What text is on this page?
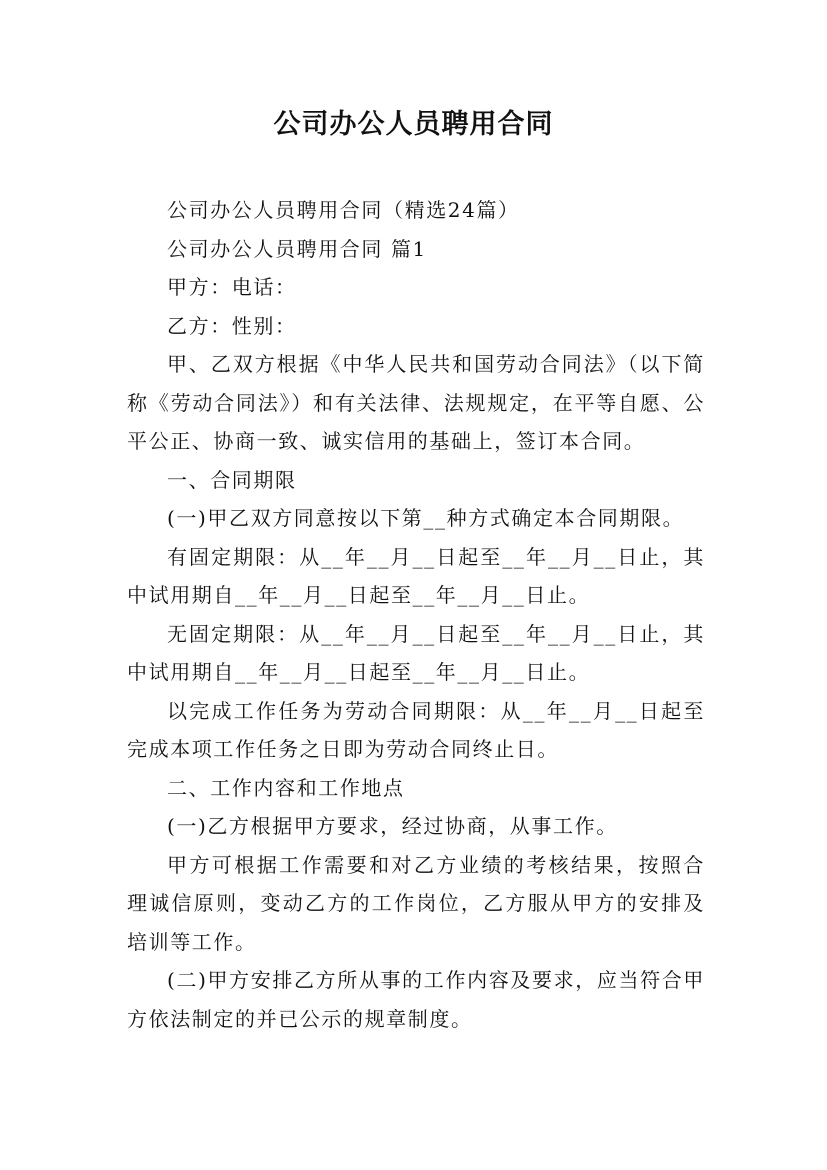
公司办公人员聘用合同

公司办公人员聘用合同（精选24篇）

公司办公人员聘用合同 篇1

甲方：电话：

乙方：性别：

甲、乙双方根据《中华人民共和国劳动合同法》（以下简称《劳动合同法》）和有关法律、法规规定，在平等自愿、公平公正、协商一致、诚实信用的基础上，签订本合同。

一、合同期限

(一)甲乙双方同意按以下第__种方式确定本合同期限。

有固定期限：从__年__月__日起至__年__月__日止，其中试用期自__年__月__日起至__年__月__日止。

无固定期限：从__年__月__日起至__年__月__日止，其中试用期自__年__月__日起至__年__月__日止。

以完成工作任务为劳动合同期限：从__年__月__日起至完成本项工作任务之日即为劳动合同终止日。

二、工作内容和工作地点

(一)乙方根据甲方要求，经过协商，从事工作。

甲方可根据工作需要和对乙方业绩的考核结果，按照合理诚信原则，变动乙方的工作岗位，乙方服从甲方的安排及培训等工作。

(二)甲方安排乙方所从事的工作内容及要求，应当符合甲方依法制定的并已公示的规章制度。
